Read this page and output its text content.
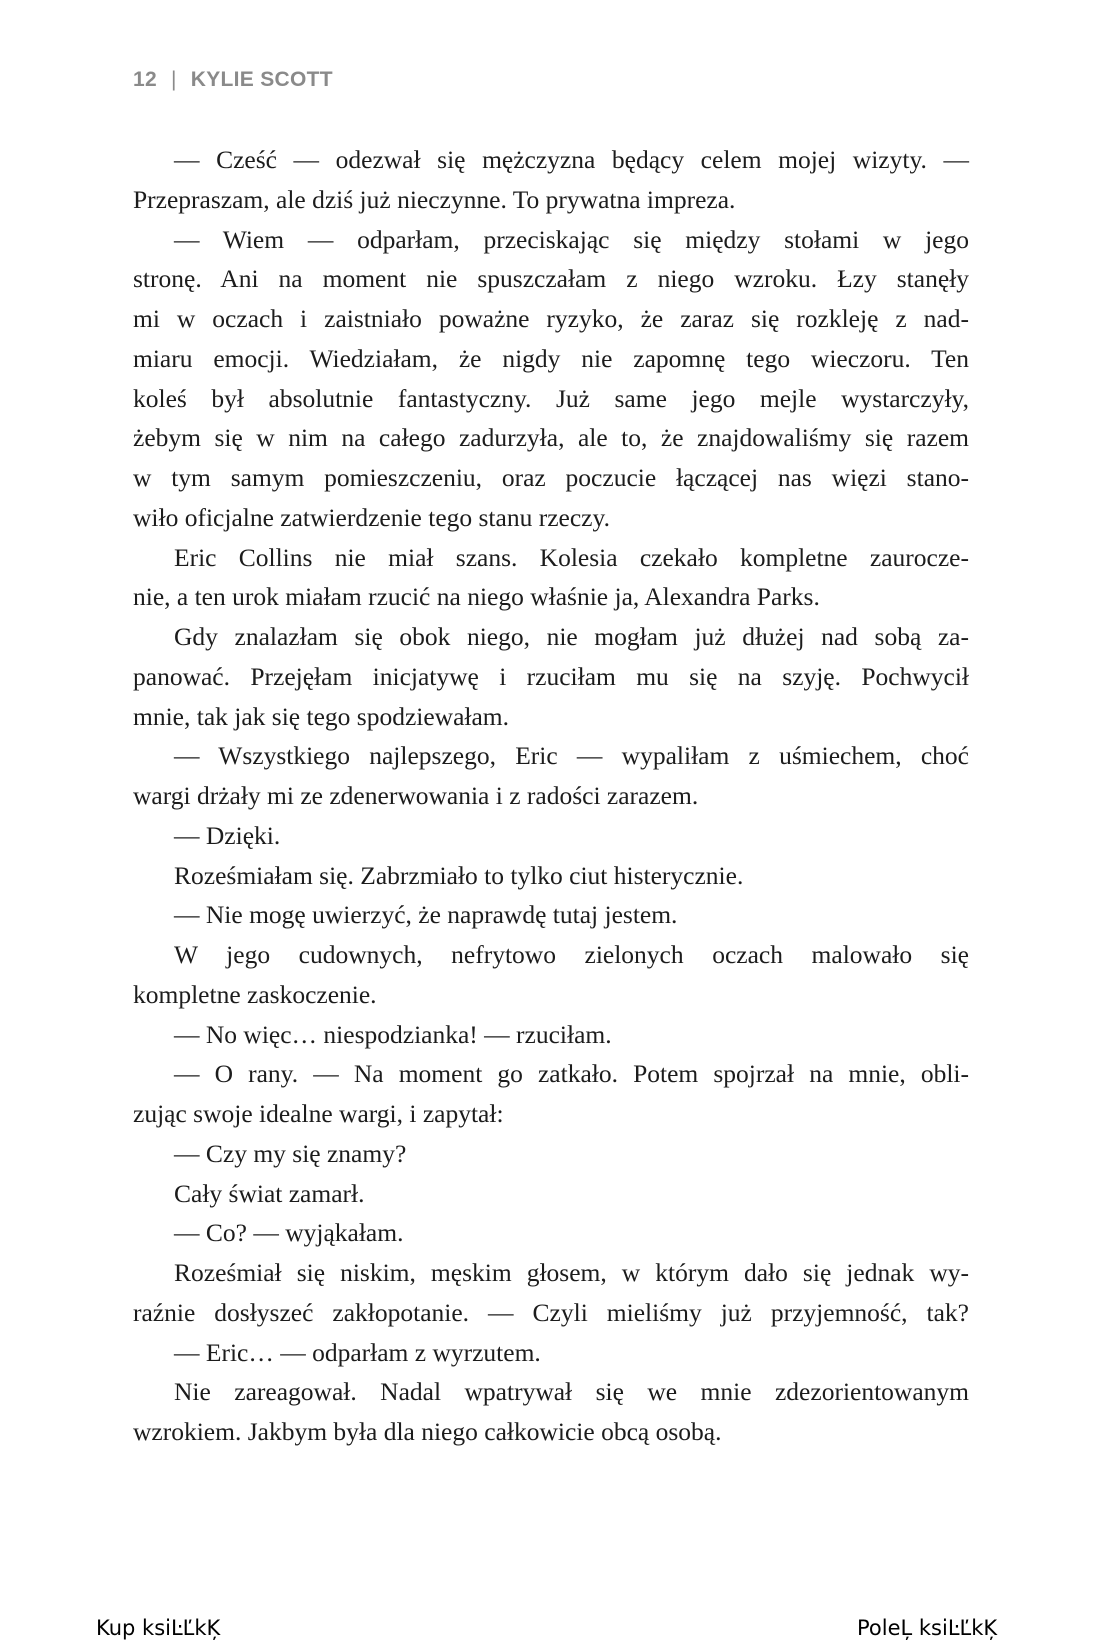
12 | KYLIE SCOTT
— Cześć — odezwał się mężczyzna będący celem mojej wizyty. —
Przepraszam, ale dziś już nieczynne. To prywatna impreza.
— Wiem — odparłam, przeciskając się między stołami w jego
stronę. Ani na moment nie spuszczałam z niego wzroku. Łzy stanęły
mi w oczach i zaistniało poważne ryzyko, że zaraz się rozkleję z nad-
miaru emocji. Wiedziałam, że nigdy nie zapomnę tego wieczoru. Ten
koleś był absolutnie fantastyczny. Już same jego mejle wystarczyły,
żebym się w nim na całego zadurzyła, ale to, że znajdowaliśmy się razem
w tym samym pomieszczeniu, oraz poczucie łączącej nas więzi stano-
wiło oficjalne zatwierdzenie tego stanu rzeczy.
Eric Collins nie miał szans. Kolesia czekało kompletne zaurocze-
nie, a ten urok miałam rzucić na niego właśnie ja, Alexandra Parks.
Gdy znalazłam się obok niego, nie mogłam już dłużej nad sobą za-
panować. Przejęłam inicjatywę i rzuciłam mu się na szyję. Pochwycił
mnie, tak jak się tego spodziewałam.
— Wszystkiego najlepszego, Eric — wypaliłam z uśmiechem, choć
wargi drżały mi ze zdenerwowania i z radości zarazem.
— Dzięki.
Roześmiałam się. Zabrzmiało to tylko ciut histerycznie.
— Nie mogę uwierzyć, że naprawdę tutaj jestem.
W jego cudownych, nefrytowo zielonych oczach malowało się
kompletne zaskoczenie.
— No więc… niespodzianka! — rzuciłam.
— O rany. — Na moment go zatkało. Potem spojrzał na mnie, obli-
zując swoje idealne wargi, i zapytał:
— Czy my się znamy?
Cały świat zamarł.
— Co? — wyjąkałam.
Roześmiał się niskim, męskim głosem, w którym dało się jednak wy-
raźnie dosłyszeć zakłopotanie. — Czyli mieliśmy już przyjemność, tak?
— Eric… — odparłam z wyrzutem.
Nie zareagował. Nadal wpatrywał się we mnie zdezorientowanym
wzrokiem. Jakbym była dla niego całkowicie obcą osobą.
Kup ksiĿĽkĶ	PoleĻ ksiĿĽkĶ
